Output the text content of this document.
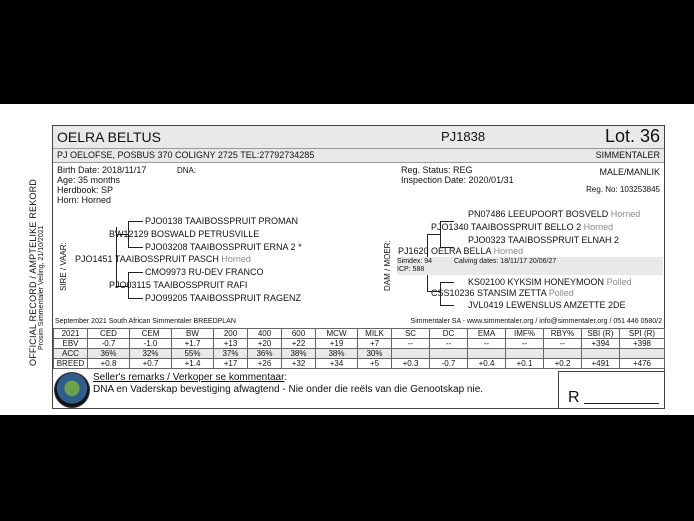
OFFICIAL RECORD / AMPTELIKE REKORD Prosim Simmentaler Veiling, 21/10/2021
OELRA BELTUS	PJ1838	Lot. 36
PJ OELOFSE, POSBUS 370 COLIGNY 2725 TEL:27792734285	SIMMENTALER
Birth Date: 2018/11/17	DNA:
Age: 35 months
Herdbook: SP
Horn: Horned
Reg. Status: REG
Inspection Date: 2020/01/31
MALE/MANLIK
Reg. No: 103253845
SIRE / VAAR:
PJO0138 TAAIBOSSPRUIT PROMAN
BW12129 BOSWALD PETRUSVILLE
PJO03208 TAAIBOSSPRUIT ERNA 2 *
PJO1451 TAAIBOSSPRUIT PASCH Horned
CMO9973 RU-DEV FRANCO
PJO03115 TAAIBOSSPRUIT RAFI
PJO99205 TAAIBOSSPRUIT RAGENZ
DAM / MOER:
PN07486 LEEUPOORT BOSVELD Horned
PJO1340 TAAIBOSSPRUIT BELLO 2 Horned
PJO0323 TAAIBOSSPRUIT ELNAH 2
PJ1620 OELRA BELLA Horned
Simdex: 94	Calving dates: 18/11/17 20/06/27
ICP: 588
KS02100 KYKSIM HONEYMOON Polled
CSS10236 STANSIM ZETTA Polled
JVL0419 LEWENSLUS AMZETTE 2DE
September 2021 South African Simmentaler BREEDPLAN	Simmentaler SA - www.simmentaler.org / info@simmentaler.org / 051 446 0580/2
2021	CED	CEM	BW	200	400	600	MCW	MILK	SC	DC	EMA	IMF%	RBY%	SBI (R)	SPI (R)
EBV	-0.7	-1.0	+1.7	+13	+20	+22	+19	+7	--	--	--	--	--	+394	+398
ACC	36%	32%	55%	37%	36%	38%	38%	30%							
BREED	+0.8	+0.7	+1.4	+17	+26	+32	+34	+5	+0.3	-0.7	+0.4	+0.1	+0.2	+491	+476
Seller's remarks / Verkoper se kommentaar:
DNA en Vaderskap bevestiging afwagtend - Nie onder die reëls van die Genootskap nie.	R
